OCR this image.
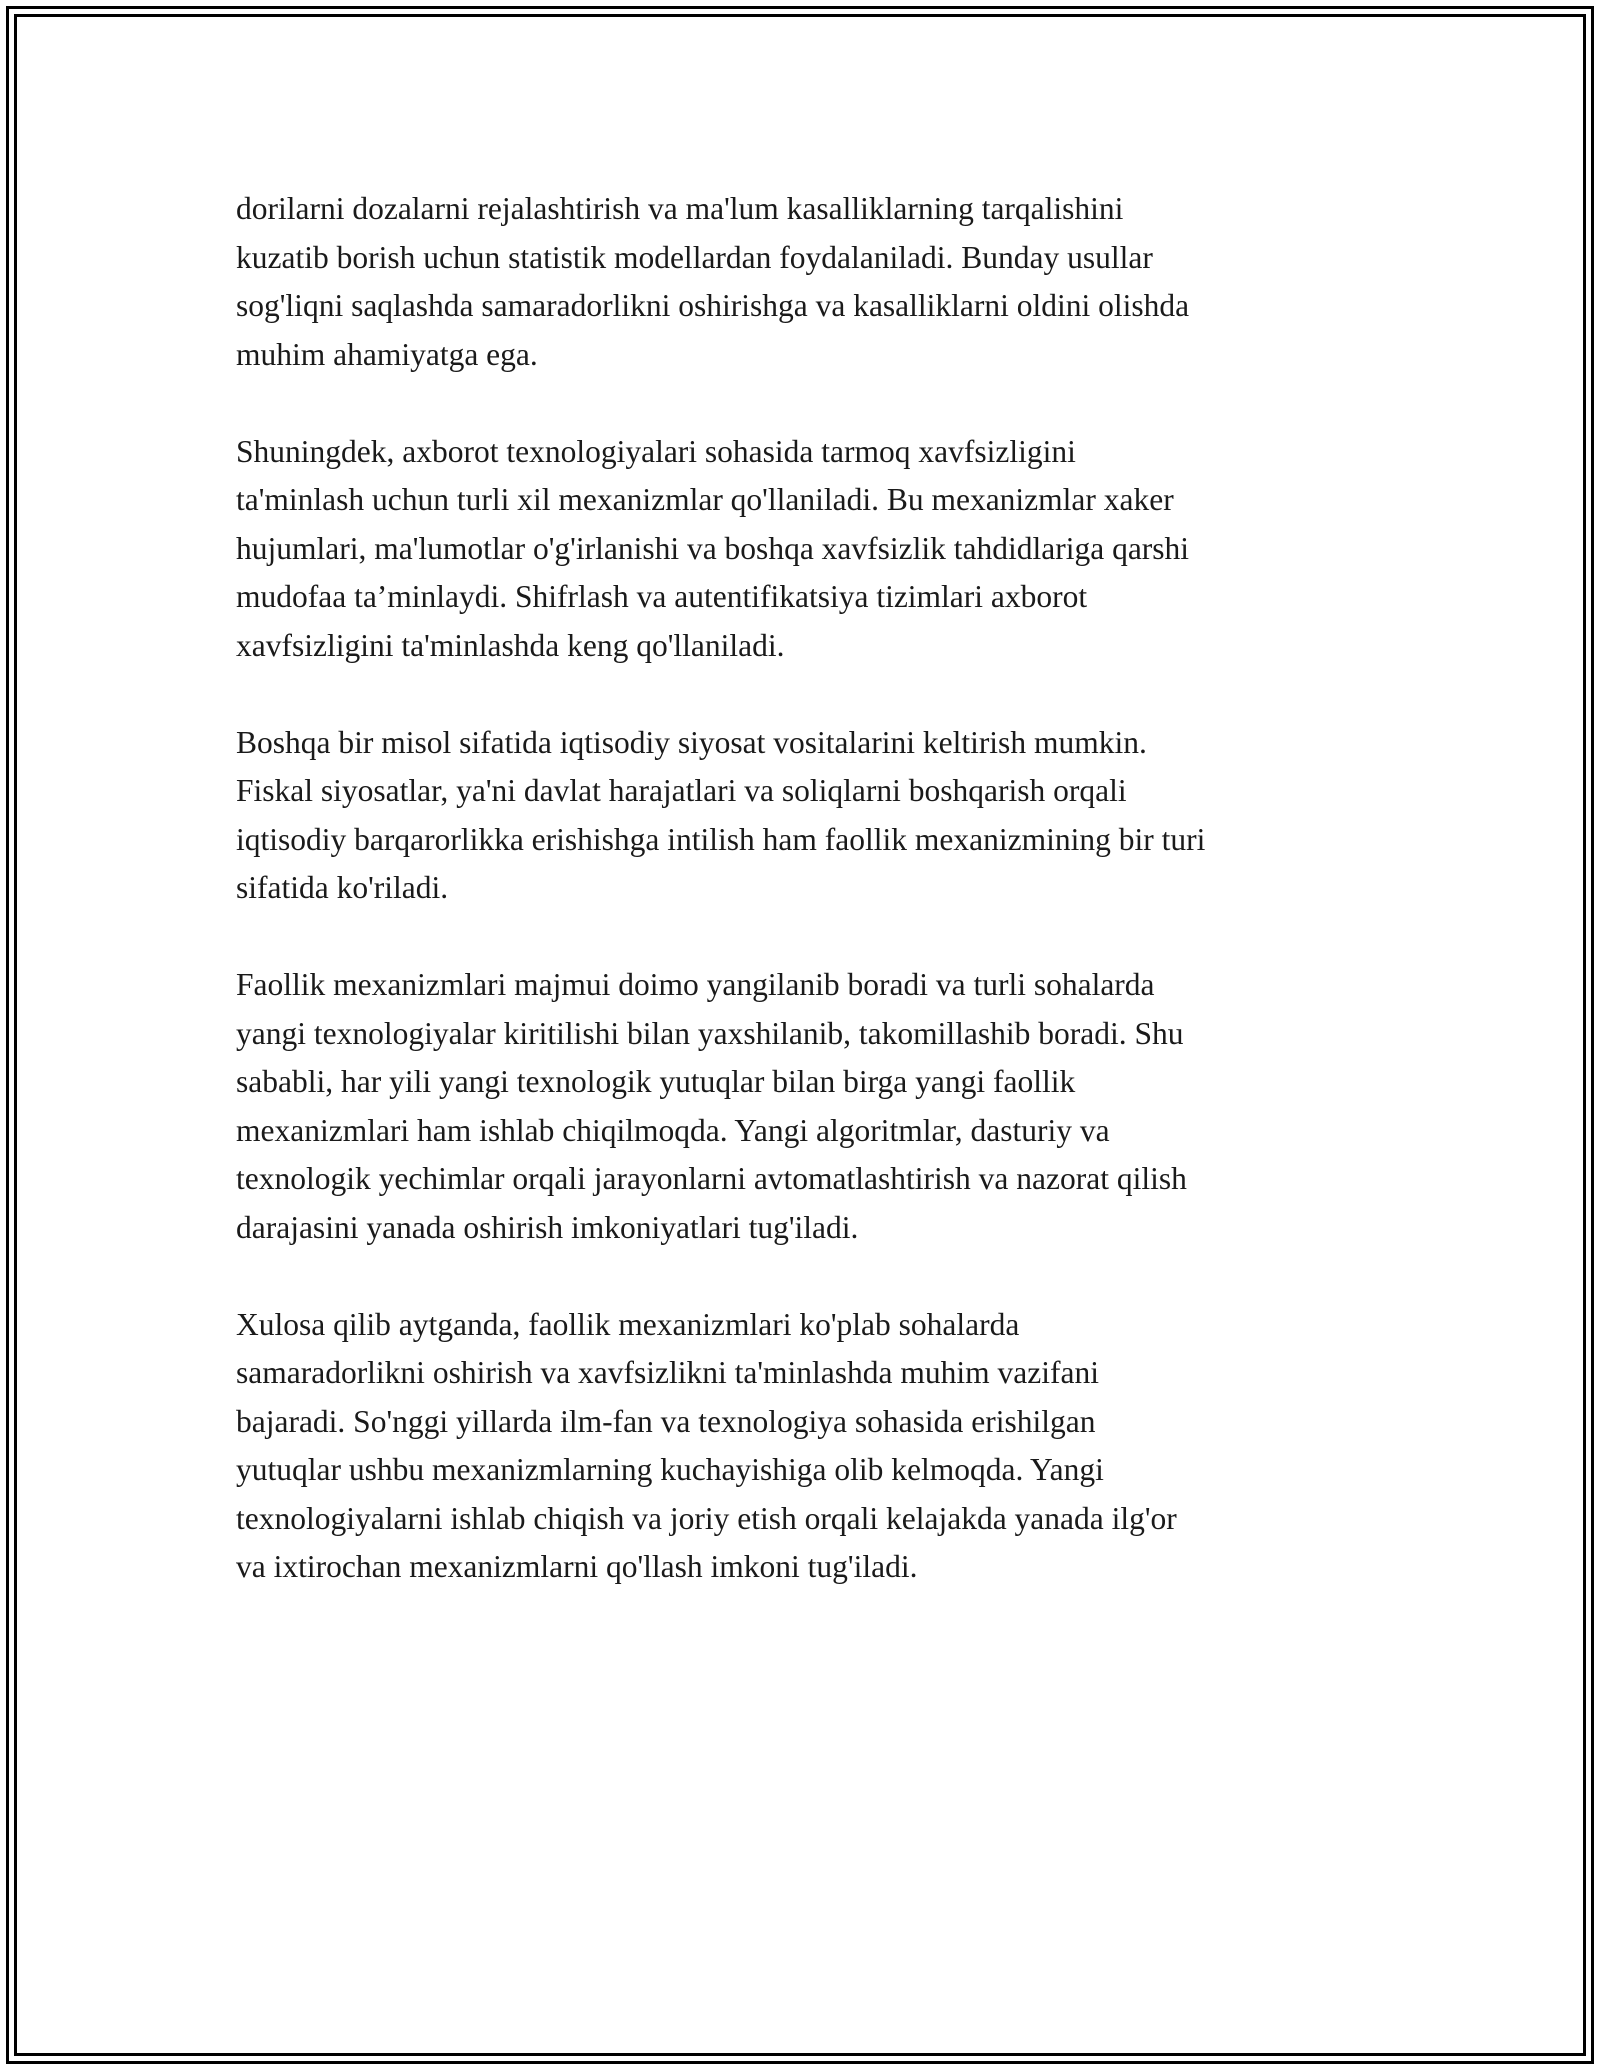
dorilarni dozalarni rejalashtirish va ma'lum kasalliklarning tarqalishini
kuzatib borish uchun statistik modellardan foydalaniladi. Bunday usullar
sog'liqni saqlashda samaradorlikni oshirishga va kasalliklarni oldini olishda
muhim ahamiyatga ega.

Shuningdek, axborot texnologiyalari sohasida tarmoq xavfsizligini
ta'minlash uchun turli xil mexanizmlar qo'llaniladi. Bu mexanizmlar xaker
hujumlari, ma'lumotlar o'g'irlanishi va boshqa xavfsizlik tahdidlariga qarshi
mudofaa ta’minlaydi. Shifrlash va autentifikatsiya tizimlari axborot
xavfsizligini ta'minlashda keng qo'llaniladi.

Boshqa bir misol sifatida iqtisodiy siyosat vositalarini keltirish mumkin.
Fiskal siyosatlar, ya'ni davlat harajatlari va soliqlarni boshqarish orqali
iqtisodiy barqarorlikka erishishga intilish ham faollik mexanizmining bir turi
sifatida ko'riladi.

Faollik mexanizmlari majmui doimo yangilanib boradi va turli sohalarda
yangi texnologiyalar kiritilishi bilan yaxshilanib, takomillashib boradi. Shu
sababli, har yili yangi texnologik yutuqlar bilan birga yangi faollik
mexanizmlari ham ishlab chiqilmoqda. Yangi algoritmlar, dasturiy va
texnologik yechimlar orqali jarayonlarni avtomatlashtirish va nazorat qilish
darajasini yanada oshirish imkoniyatlari tug'iladi.

Xulosa qilib aytganda, faollik mexanizmlari ko'plab sohalarda
samaradorlikni oshirish va xavfsizlikni ta'minlashda muhim vazifani
bajaradi. So'nggi yillarda ilm-fan va texnologiya sohasida erishilgan
yutuqlar ushbu mexanizmlarning kuchayishiga olib kelmoqda. Yangi
texnologiyalarni ishlab chiqish va joriy etish orqali kelajakda yanada ilg'or
va ixtirochan mexanizmlarni qo'llash imkoni tug'iladi.
